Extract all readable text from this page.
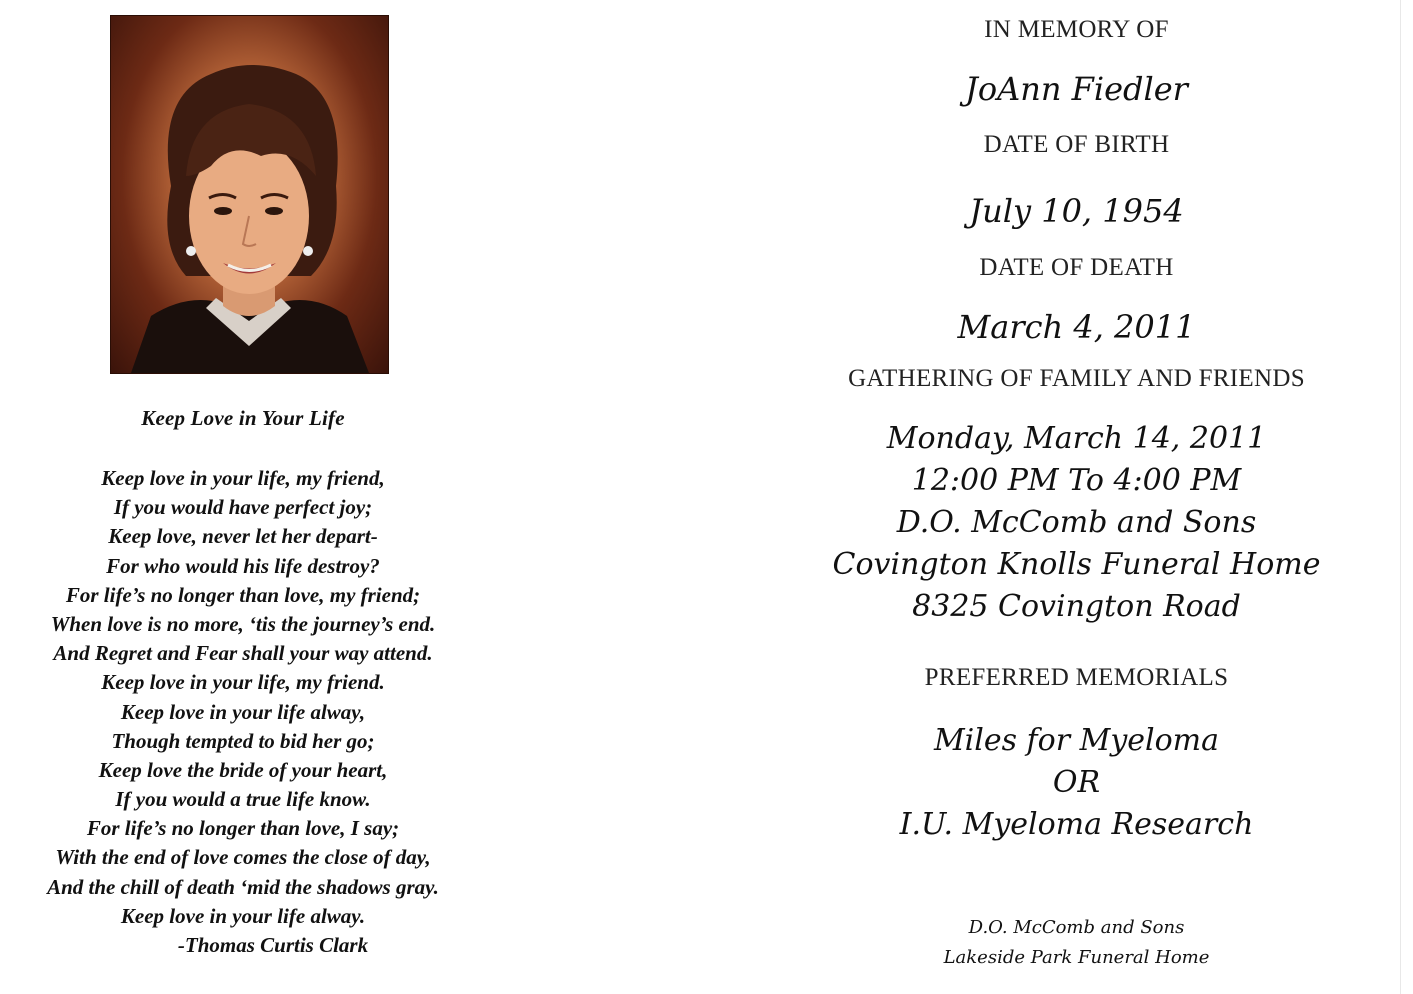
Keep Love in Your Life
Keep love in your life, my friend,
If you would have perfect joy;
Keep love, never let her depart-
For who would his life destroy?
For life’s no longer than love, my friend;
When love is no more, ‘tis the journey’s end.
And Regret and Fear shall your way attend.
Keep love in your life, my friend.
Keep love in your life alway,
Though tempted to bid her go;
Keep love the bride of your heart,
If you would a true life know.
For life’s no longer than love, I say;
With the end of love comes the close of day,
And the chill of death ‘mid the shadows gray.
Keep love in your life alway.
-Thomas Curtis Clark
IN MEMORY OF
JoAnn Fiedler
DATE OF BIRTH
July 10, 1954
DATE OF DEATH
March 4, 2011
GATHERING OF FAMILY AND FRIENDS
Monday, March 14, 2011
12:00 PM To 4:00 PM
D.O. McComb and Sons
Covington Knolls Funeral Home
8325 Covington Road
PREFERRED MEMORIALS
Miles for Myeloma
OR
I.U. Myeloma Research
D.O. McComb and Sons
Lakeside Park Funeral Home
